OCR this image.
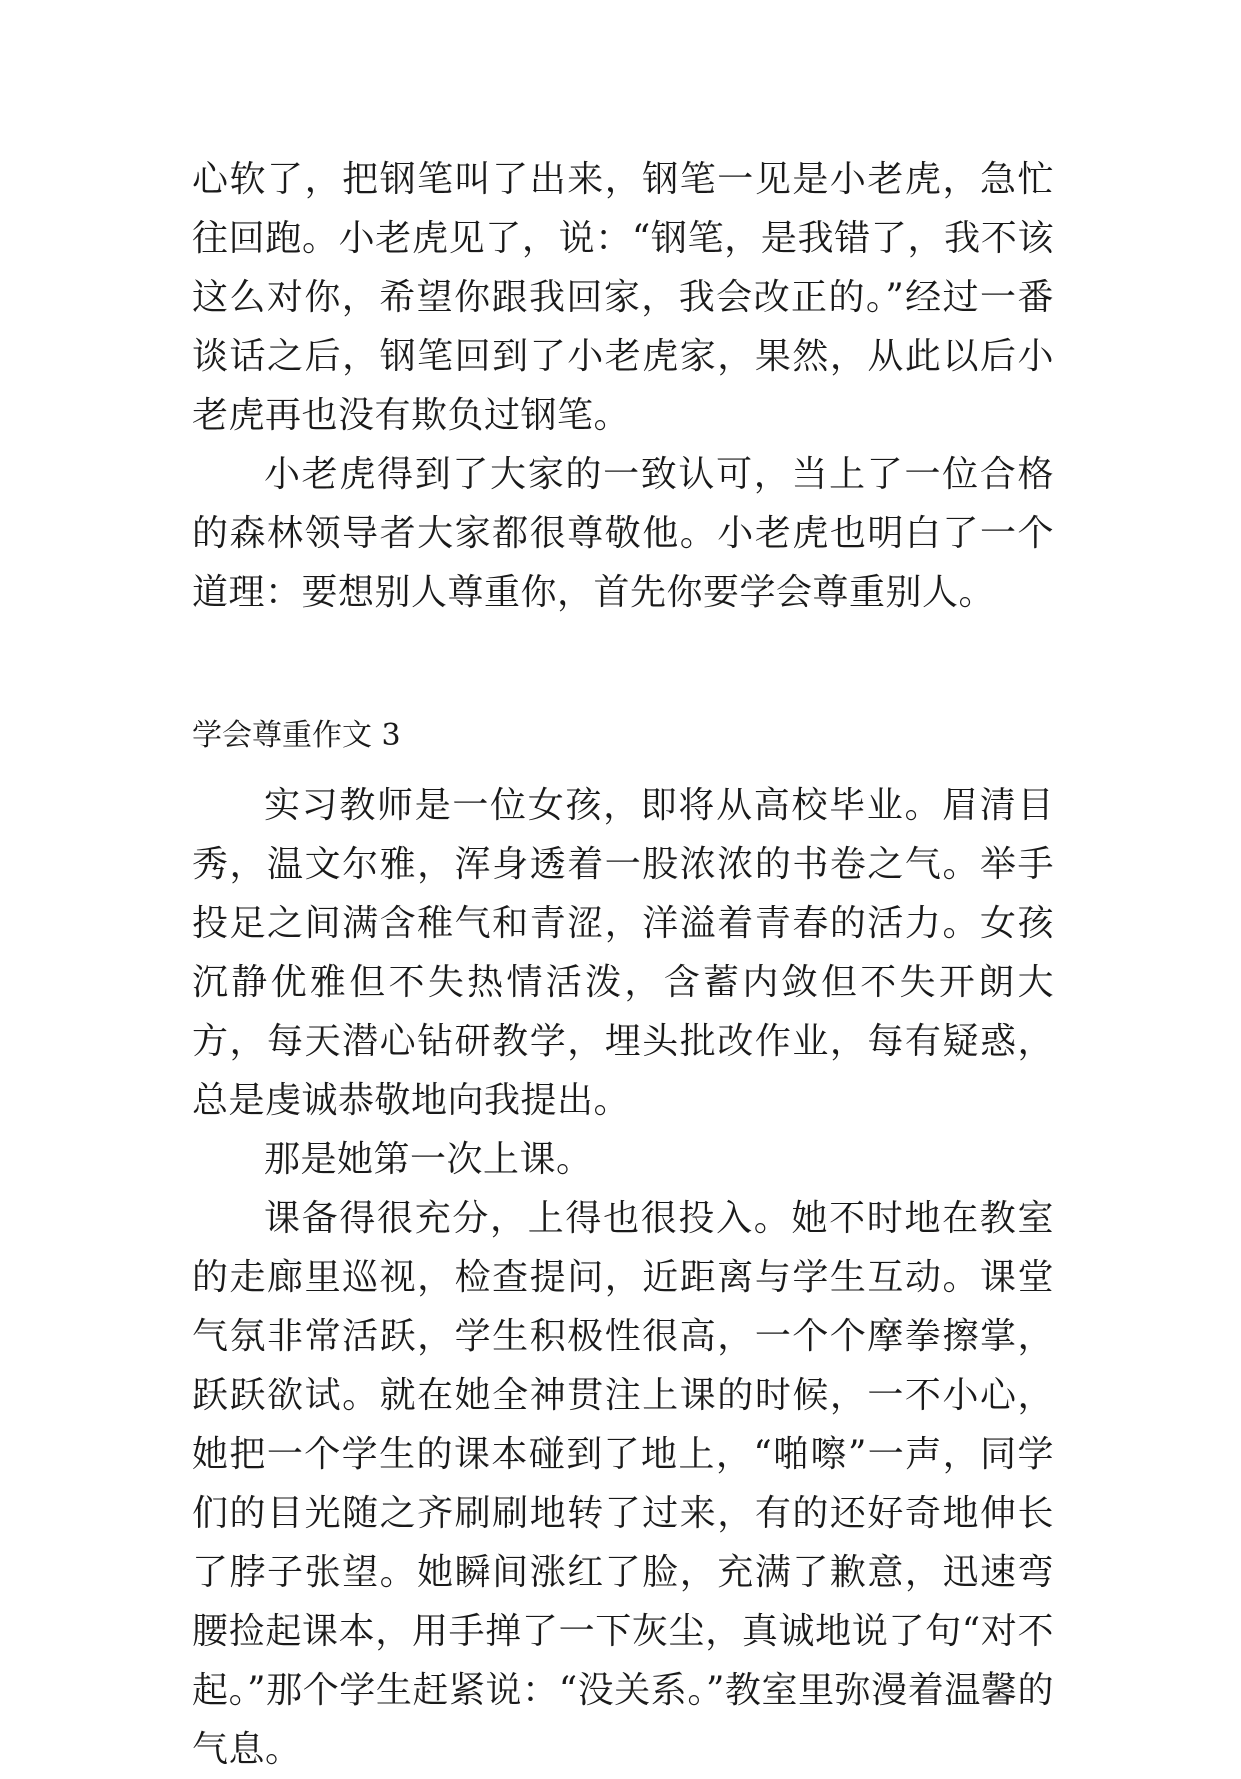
心软了，把钢笔叫了出来，钢笔一见是小老虎，急忙往回跑。小老虎见了，说：“钢笔，是我错了，我不该这么对你，希望你跟我回家，我会改正的。”经过一番谈话之后，钢笔回到了小老虎家，果然，从此以后小老虎再也没有欺负过钢笔。

小老虎得到了大家的一致认可，当上了一位合格的森林领导者大家都很尊敬他。小老虎也明白了一个道理：要想别人尊重你，首先你要学会尊重别人。

学会尊重作文 3

实习教师是一位女孩，即将从高校毕业。眉清目秀，温文尔雅，浑身透着一股浓浓的书卷之气。举手投足之间满含稚气和青涩，洋溢着青春的活力。女孩沉静优雅但不失热情活泼，含蓄内敛但不失开朗大方，每天潜心钻研教学，埋头批改作业，每有疑惑，总是虔诚恭敬地向我提出。

那是她第一次上课。

课备得很充分，上得也很投入。她不时地在教室的走廊里巡视，检查提问，近距离与学生互动。课堂气氛非常活跃，学生积极性很高，一个个摩拳擦掌，跃跃欲试。就在她全神贯注上课的时候，一不小心，她把一个学生的课本碰到了地上，“啪嚓”一声，同学们的目光随之齐刷刷地转了过来，有的还好奇地伸长了脖子张望。她瞬间涨红了脸，充满了歉意，迅速弯腰捡起课本，用手掸了一下灰尘，真诚地说了句“对不起。”那个学生赶紧说：“没关系。”教室里弥漫着温馨的气息。
